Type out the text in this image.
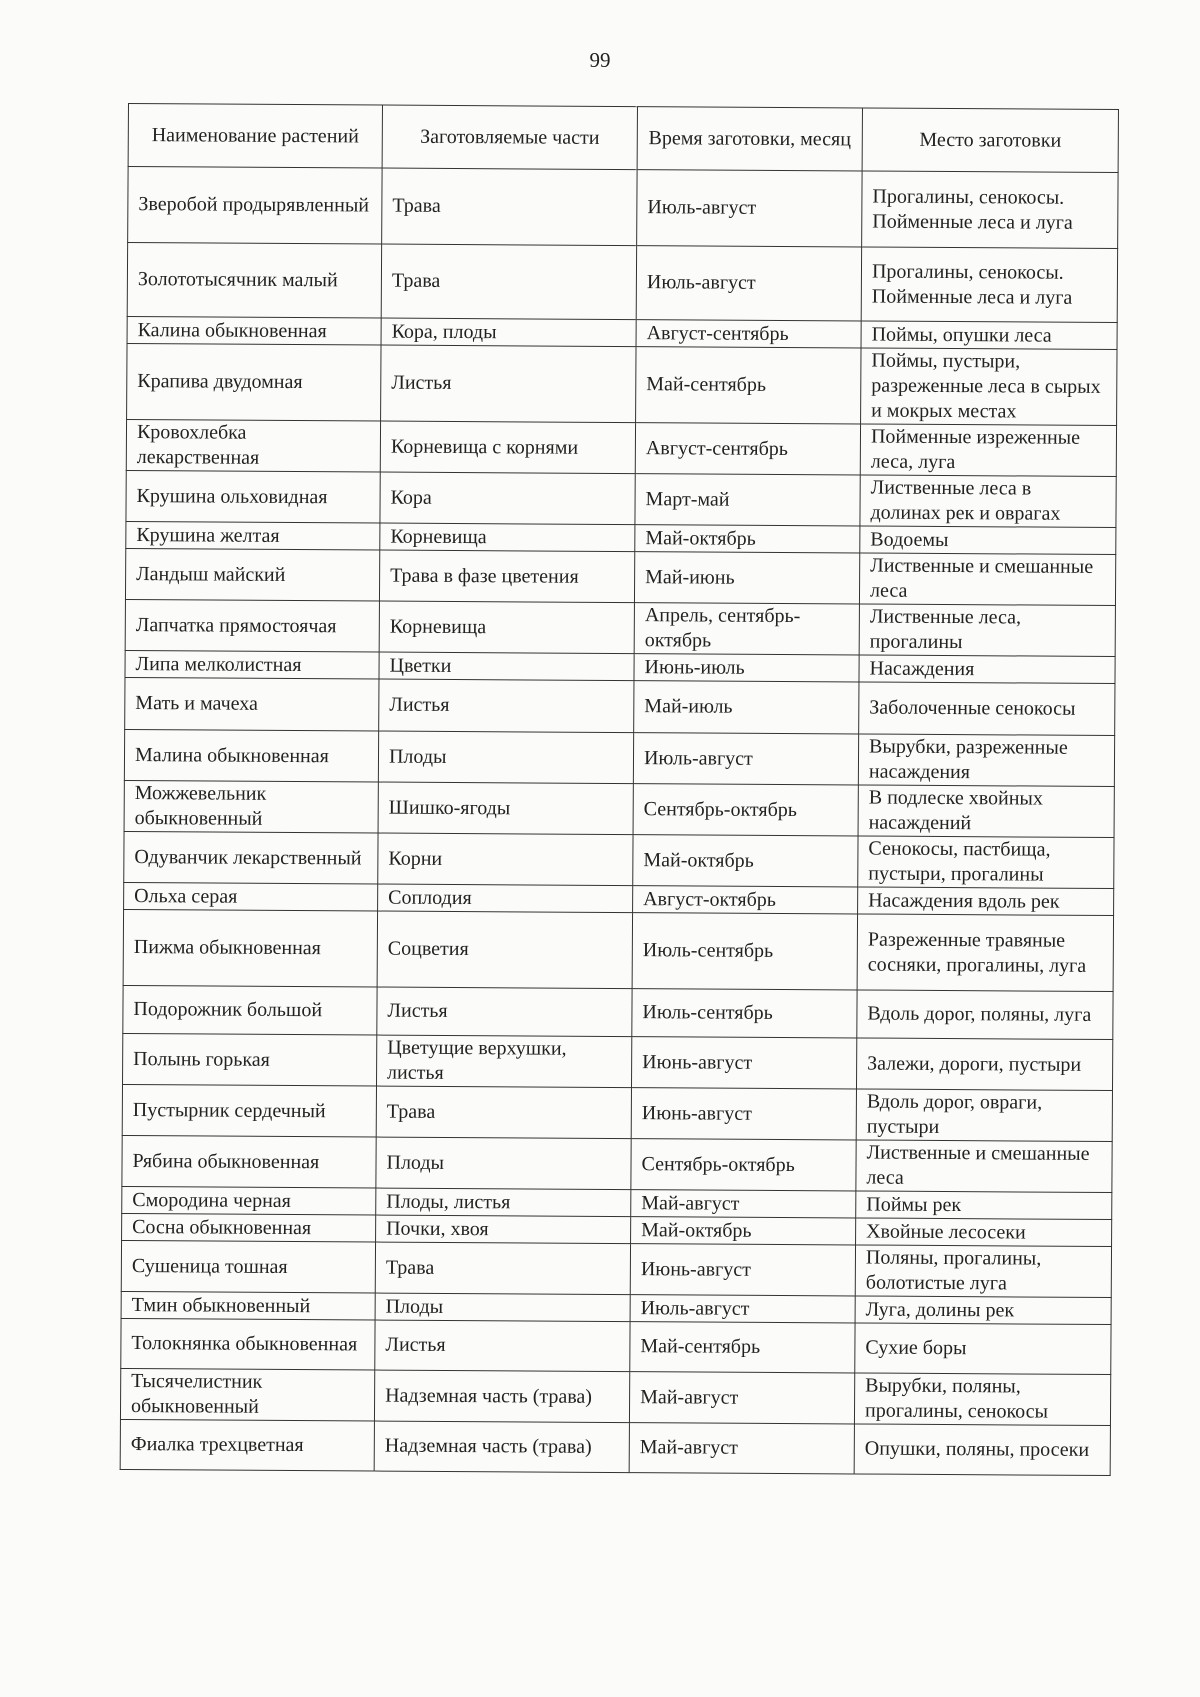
99
Наименование растений	Заготовляемые части	Время заготовки, месяц	Место заготовки
Зверобой продырявленный	Трава	Июль-август	Прогалины, сенокосы. Пойменные леса и луга
Золототысячник малый	Трава	Июль-август	Прогалины, сенокосы. Пойменные леса и луга
Калина обыкновенная	Кора, плоды	Август-сентябрь	Поймы, опушки леса
Крапива двудомная	Листья	Май-сентябрь	Поймы, пустыри, разреженные леса в сырых и мокрых местах
Кровохлебка лекарственная	Корневища с корнями	Август-сентябрь	Пойменные изреженные леса, луга
Крушина ольховидная	Кора	Март-май	Лиственные леса в долинах рек и оврагах
Крушина желтая	Корневища	Май-октябрь	Водоемы
Ландыш майский	Трава в фазе цветения	Май-июнь	Лиственные и смешанные леса
Лапчатка прямостоячая	Корневища	Апрель, сентябрь-октябрь	Лиственные леса, прогалины
Липа мелколистная	Цветки	Июнь-июль	Насаждения
Мать и мачеха	Листья	Май-июль	Заболоченные сенокосы
Малина обыкновенная	Плоды	Июль-август	Вырубки, разреженные насаждения
Можжевельник обыкновенный	Шишко-ягоды	Сентябрь-октябрь	В подлеске хвойных насаждений
Одуванчик лекарственный	Корни	Май-октябрь	Сенокосы, пастбища, пустыри, прогалины
Ольха серая	Соплодия	Август-октябрь	Насаждения вдоль рек
Пижма обыкновенная	Соцветия	Июль-сентябрь	Разреженные травяные сосняки, прогалины, луга
Подорожник большой	Листья	Июль-сентябрь	Вдоль дорог, поляны, луга
Полынь горькая	Цветущие верхушки, листья	Июнь-август	Залежи, дороги, пустыри
Пустырник сердечный	Трава	Июнь-август	Вдоль дорог, овраги, пустыри
Рябина обыкновенная	Плоды	Сентябрь-октябрь	Лиственные и смешанные леса
Смородина черная	Плоды, листья	Май-август	Поймы рек
Сосна обыкновенная	Почки, хвоя	Май-октябрь	Хвойные лесосеки
Сушеница тошная	Трава	Июнь-август	Поляны, прогалины, болотистые луга
Тмин обыкновенный	Плоды	Июль-август	Луга, долины рек
Толокнянка обыкновенная	Листья	Май-сентябрь	Сухие боры
Тысячелистник обыкновенный	Надземная часть (трава)	Май-август	Вырубки, поляны, прогалины, сенокосы
Фиалка трехцветная	Надземная часть (трава)	Май-август	Опушки, поляны, просеки
